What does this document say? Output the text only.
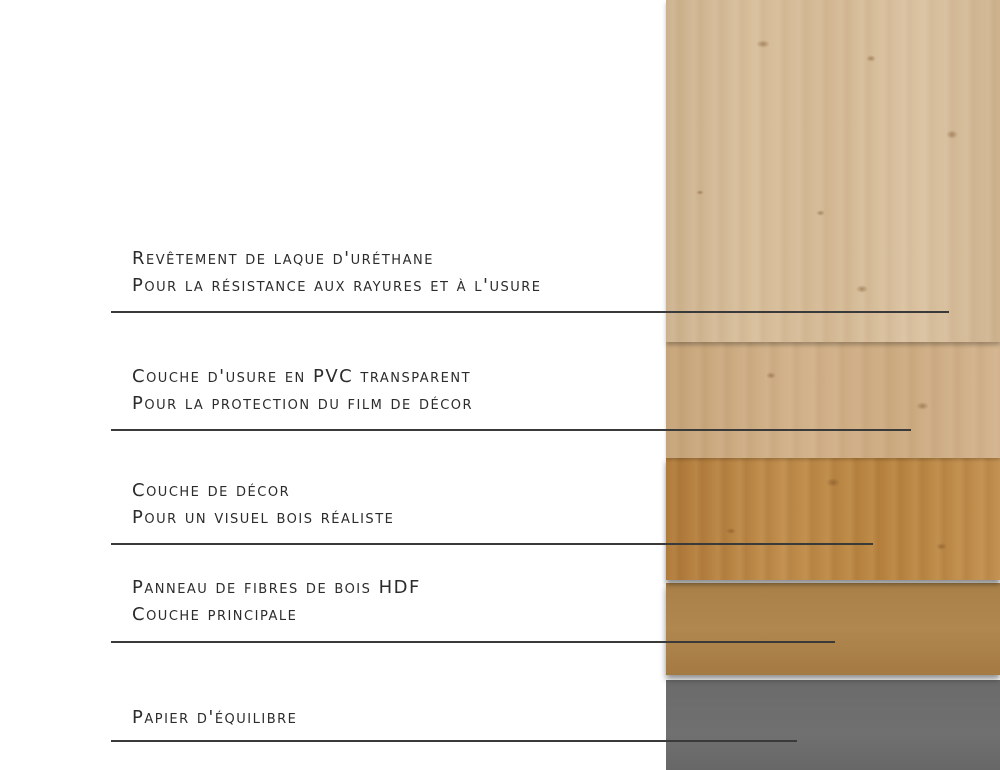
Revêtement de laque d'uréthane
Pour la résistance aux rayures et à l'usure
Couche d'usure en PVC transparent
Pour la protection du film de décor
Couche de décor
Pour un visuel bois réaliste
Panneau de fibres de bois HDF
Couche principale
Papier d'équilibre
